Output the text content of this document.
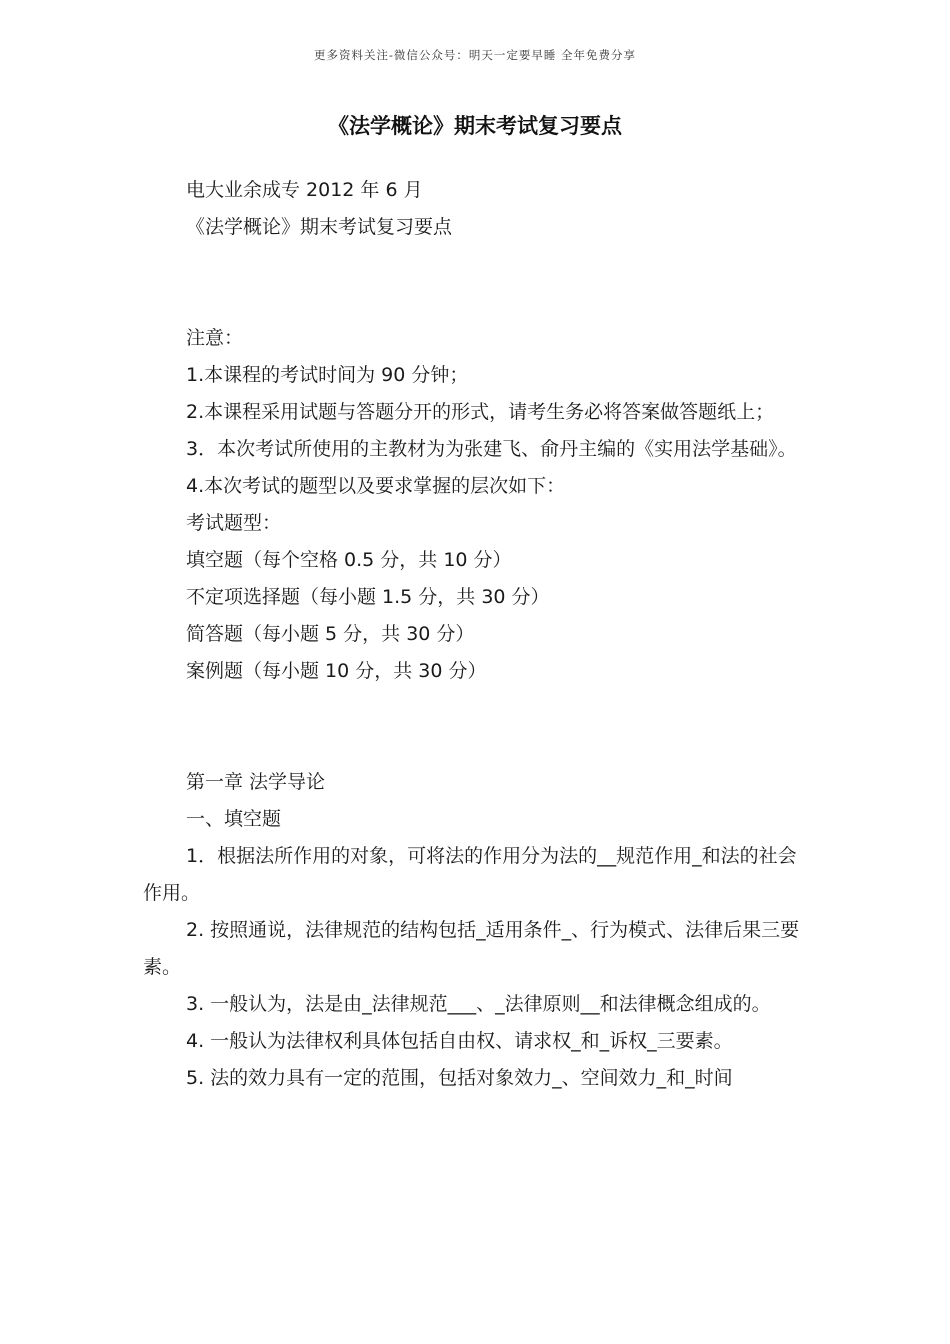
更多资料关注-微信公众号：明天一定要早睡 全年免费分享
《法学概论》期末考试复习要点

电大业余成专 2012 年 6 月

《法学概论》期末考试复习要点

注意：

1.本课程的考试时间为 90 分钟；

2.本课程采用试题与答题分开的形式，请考生务必将答案做答题纸上；

3．本次考试所使用的主教材为为张建飞、俞丹主编的《实用法学基础》。

4.本次考试的题型以及要求掌握的层次如下：

考试题型：

填空题（每个空格 0.5 分，共 10 分）

不定项选择题（每小题 1.5 分，共 30 分）

简答题（每小题 5 分，共 30 分）

案例题（每小题 10 分，共 30 分）

第一章 法学导论

一、填空题

1．根据法所作用的对象，可将法的作用分为法的__规范作用_和法的社会作用。

2. 按照通说，法律规范的结构包括_适用条件_、行为模式、法律后果三要素。

3. 一般认为，法是由_法律规范___、_法律原则__和法律概念组成的。

4. 一般认为法律权利具体包括自由权、请求权_和_诉权_三要素。

5. 法的效力具有一定的范围，包括对象效力_、空间效力_和_时间
